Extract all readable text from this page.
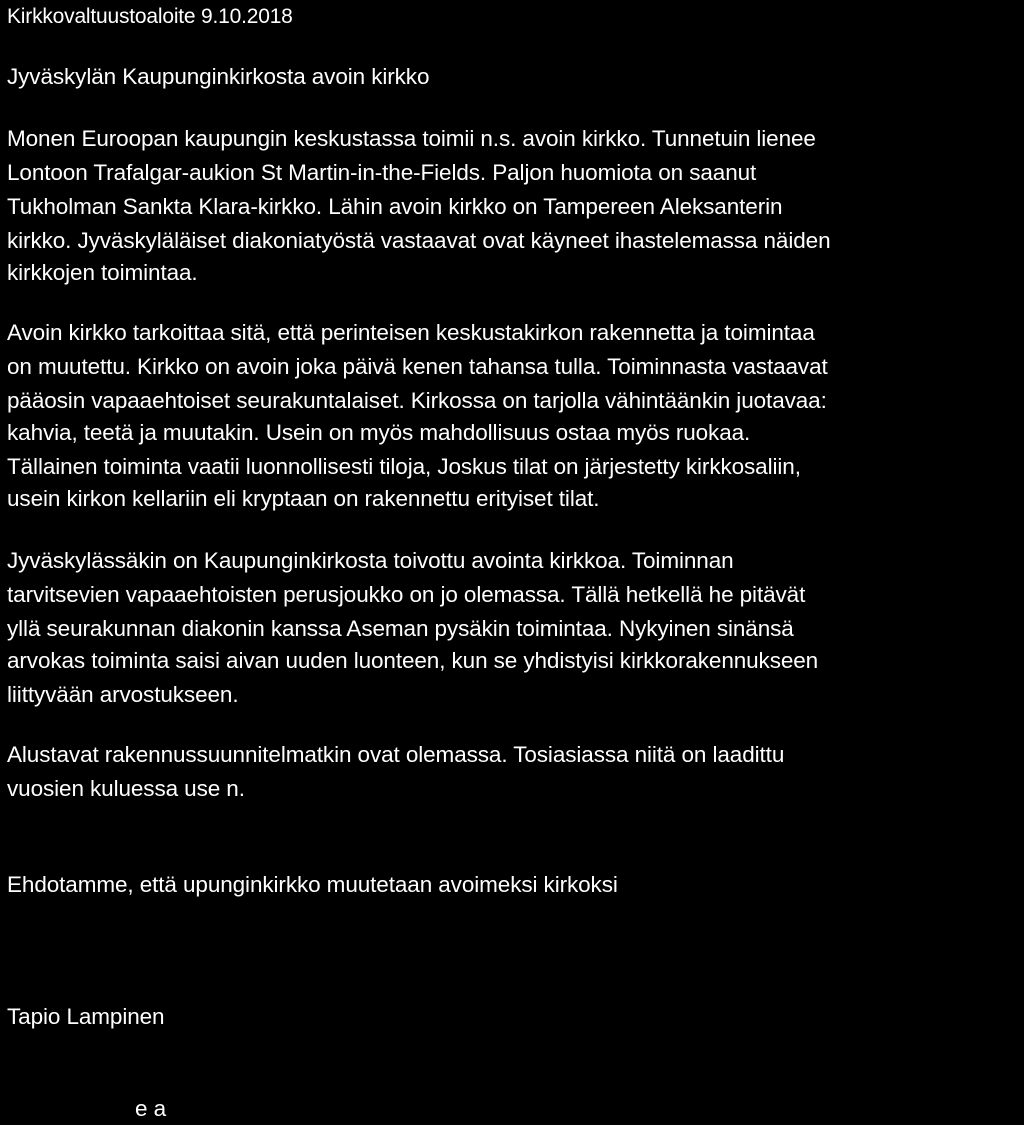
Kirkkovaltuustoaloite 9.10.2018
Jyväskylän Kaupunginkirkosta avoin kirkko
Monen Euroopan kaupungin keskustassa toimii n.s. avoin kirkko. Tunnetuin lienee
Lontoon Trafalgar-aukion St Martin-in-the-Fields. Paljon huomiota on saanut
Tukholman Sankta Klara-kirkko. Lähin avoin kirkko on Tampereen Aleksanterin
kirkko. Jyväskyläläiset diakoniatyöstä vastaavat ovat käyneet ihastelemassa näiden
kirkkojen toimintaa.
Avoin kirkko tarkoittaa sitä, että perinteisen keskustakirkon rakennetta ja toimintaa
on muutettu. Kirkko on avoin joka päivä kenen tahansa tulla. Toiminnasta vastaavat
pääosin vapaaehtoiset seurakuntalaiset. Kirkossa on tarjolla vähintäänkin juotavaa:
kahvia, teetä ja muutakin. Usein on myös mahdollisuus ostaa myös ruokaa.
Tällainen toiminta vaatii luonnollisesti tiloja, Joskus tilat on järjestetty kirkkosaliin,
usein kirkon kellariin eli kryptaan on rakennettu erityiset tilat.
Jyväskylässäkin on Kaupunginkirkosta toivottu avointa kirkkoa. Toiminnan
tarvitsevien vapaaehtoisten perusjoukko on jo olemassa. Tällä hetkellä he pitävät
yllä seurakunnan diakonin kanssa Aseman pysäkin toimintaa. Nykyinen sinänsä
arvokas toiminta saisi aivan uuden luonteen, kun se yhdistyisi kirkkorakennukseen
liittyvään arvostukseen.
Alustavat rakennussuunnitelmatkin ovat olemassa. Tosiasiassa niitä on laadittu
vuosien kuluessa use n.
Ehdotamme, että upunginkirkko muutetaan avoimeksi kirkoksi
Tapio Lampinen
e a
